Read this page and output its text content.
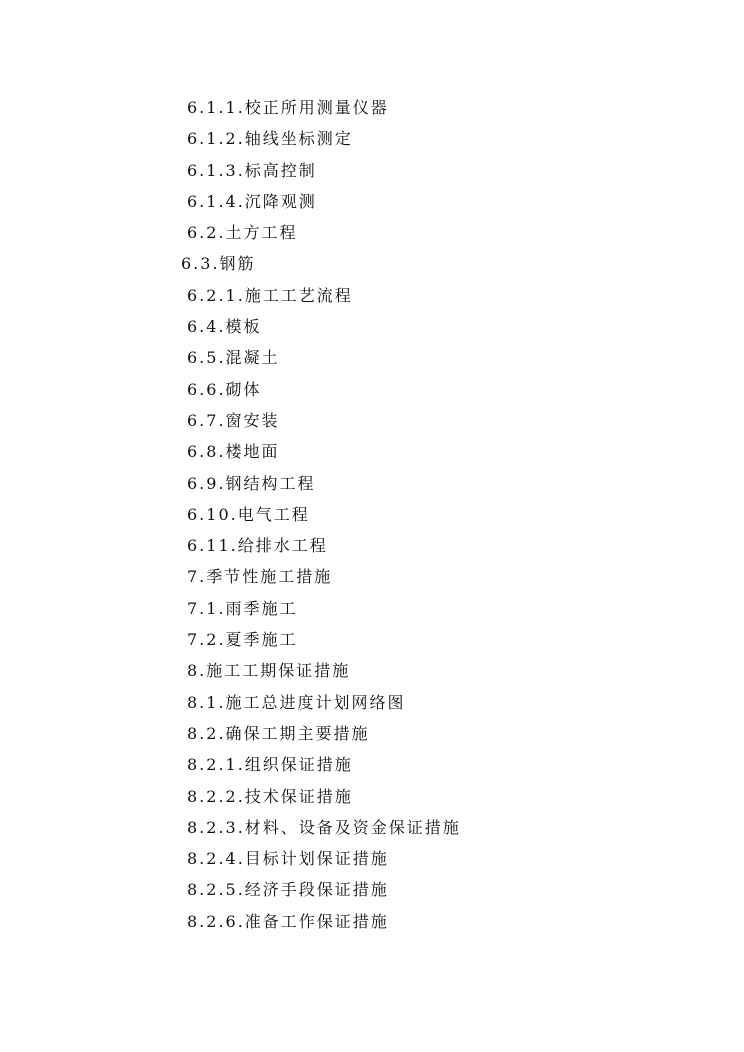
6.1.1.校正所用测量仪器
6.1.2.轴线坐标测定
6.1.3.标高控制
6.1.4.沉降观测
6.2.土方工程
6.3.钢筋
6.2.1.施工工艺流程
6.4.模板
6.5.混凝土
6.6.砌体
6.7.窗安装
6.8.楼地面
6.9.钢结构工程
6.10.电气工程
6.11.给排水工程
7.季节性施工措施
7.1.雨季施工
7.2.夏季施工
8.施工工期保证措施
8.1.施工总进度计划网络图
8.2.确保工期主要措施
8.2.1.组织保证措施
8.2.2.技术保证措施
8.2.3.材料、设备及资金保证措施
8.2.4.目标计划保证措施
8.2.5.经济手段保证措施
8.2.6.准备工作保证措施
